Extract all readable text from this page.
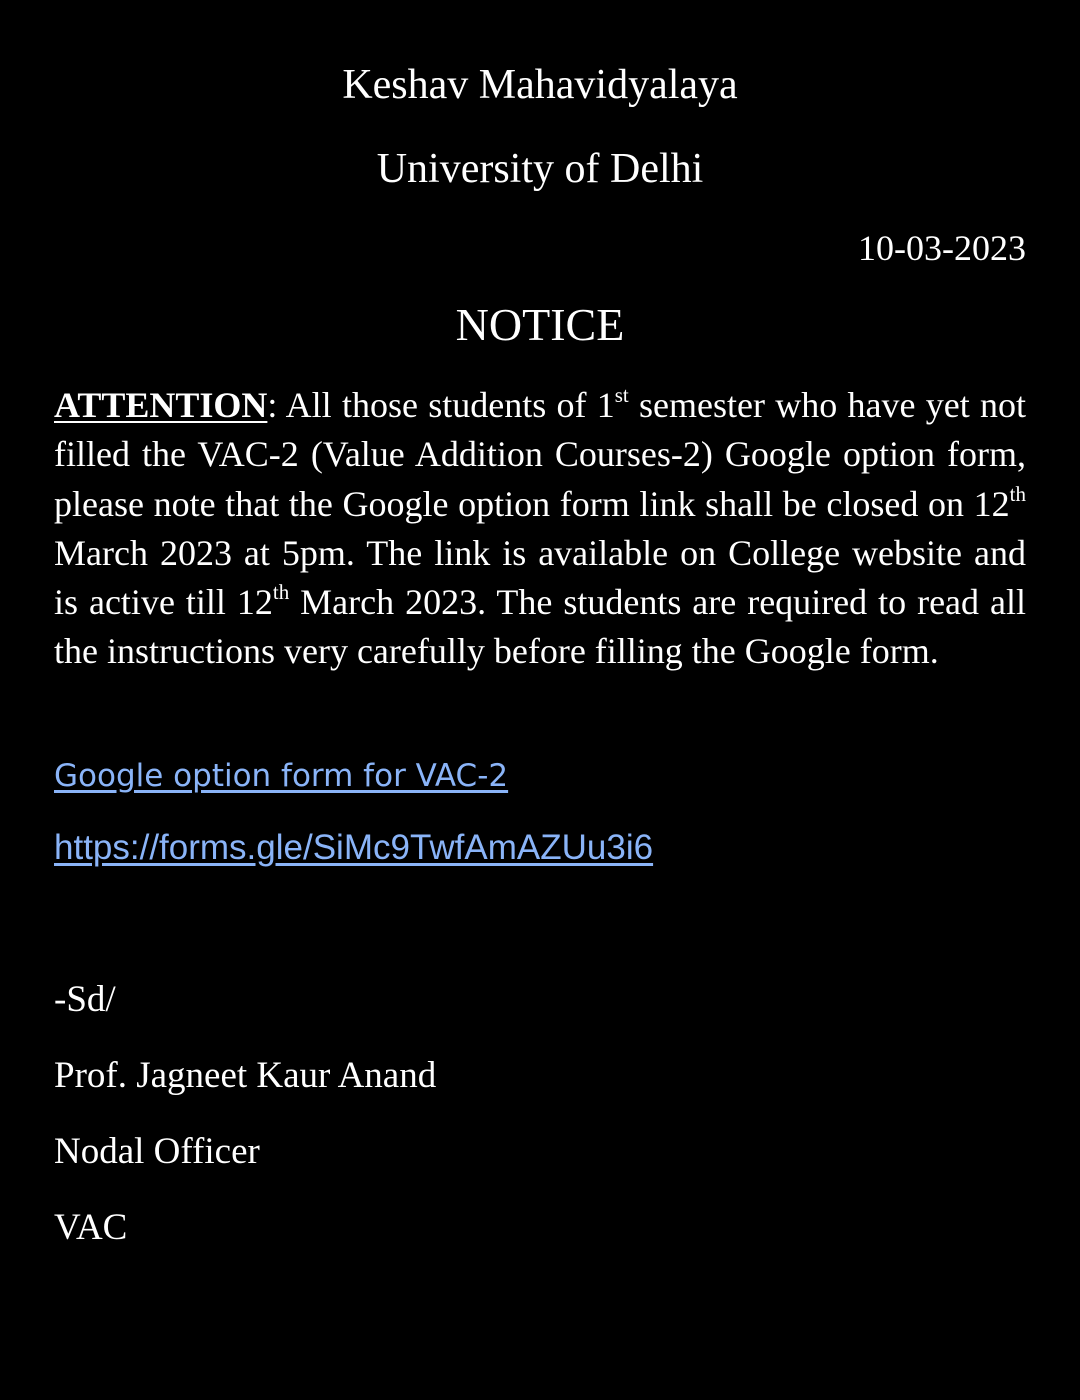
Keshav Mahavidyalaya
University of Delhi
10-03-2023
NOTICE

ATTENTION: All those students of 1st semester who have yet not filled the VAC-2 (Value Addition Courses-2) Google option form, please note that the Google option form link shall be closed on 12th March 2023 at 5pm. The link is available on College website and is active till 12th March 2023. The students are required to read all the instructions very carefully before filling the Google form.

Google option form for VAC-2
https://forms.gle/SiMc9TwfAmAZUu3i6
-Sd/
Prof. Jagneet Kaur Anand
Nodal Officer
VAC
